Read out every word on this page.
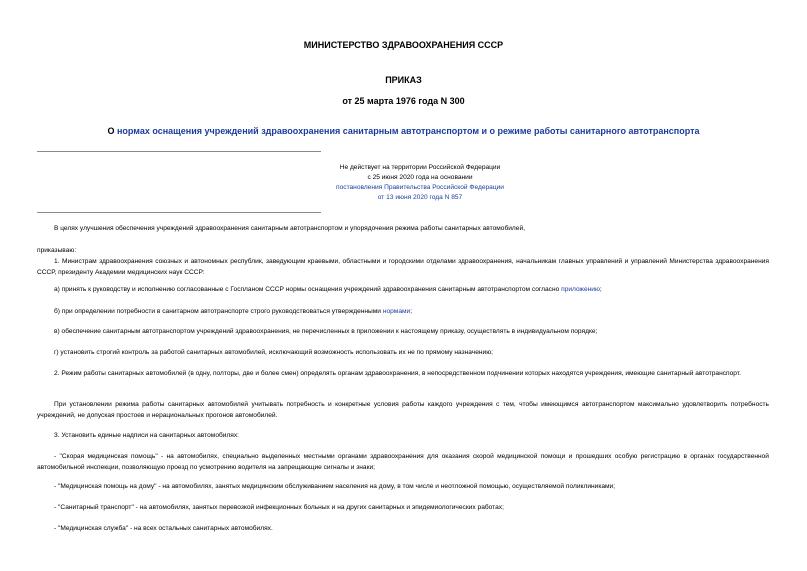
МИНИСТЕРСТВО ЗДРАВООХРАНЕНИЯ СССР
ПРИКАЗ
от 25 марта 1976 года N 300
О нормах оснащения учреждений здравоохранения санитарным автотранспортом и о режиме работы санитарного автотранспорта
Не действует на территории Российской Федерации
с 25 июня 2020 года на основании
постановления Правительства Российской Федерации
от 13 июня 2020 года N 857
В целях улучшения обеспечения учреждений здравоохранения санитарным автотранспортом и упорядочения режима работы санитарных автомобилей,
приказываю:
1. Министрам здравоохранения союзных и автономных республик, заведующим краевыми, областными и городскими отделами здравоохранения, начальникам главных управлений и управлений Министерства здравоохранения СССР, президенту Академии медицинских наук СССР:
а) принять к руководству и исполнению согласованные с Госпланом СССР нормы оснащения учреждений здравоохранения санитарным автотранспортом согласно приложению;
б) при определении потребности в санитарном автотранспорте строго руководствоваться утвержденными нормами;
в) обеспечение санитарным автотранспортом учреждений здравоохранения, не перечисленных в приложении к настоящему приказу, осуществлять в индивидуальном порядке;
г) установить строгий контроль за работой санитарных автомобилей, исключающий возможность использовать их не по прямому назначению;
2. Режим работы санитарных автомобилей (в одну, полторы, две и более смен) определять органам здравоохранения, в непосредственном подчинении которых находятся учреждения, имеющие санитарный автотранспорт.
При установлении режима работы санитарных автомобилей учитывать потребность и конкретные условия работы каждого учреждения с тем, чтобы имеющимся автотранспортом максимально удовлетворить потребность учреждений, не допуская простоев и нерациональных прогонов автомобилей.
3. Установить единые надписи на санитарных автомобилях:
- "Скорая медицинская помощь" - на автомобилях, специально выделенных местными органами здравоохранения для оказания скорой медицинской помощи и прошедших особую регистрацию в органах государственной автомобильной инспекции, позволяющую проезд по усмотрению водителя на запрещающие сигналы и знаки;
- "Медицинская помощь на дому" - на автомобилях, занятых медицинским обслуживанием населения на дому, в том числе и неотложной помощью, осуществляемой поликлиниками;
- "Санитарный транспорт" - на автомобилях, занятых перевозкой инфекционных больных и на других санитарных и эпидемиологических работах;
- "Медицинская служба" - на всех остальных санитарных автомобилях.
